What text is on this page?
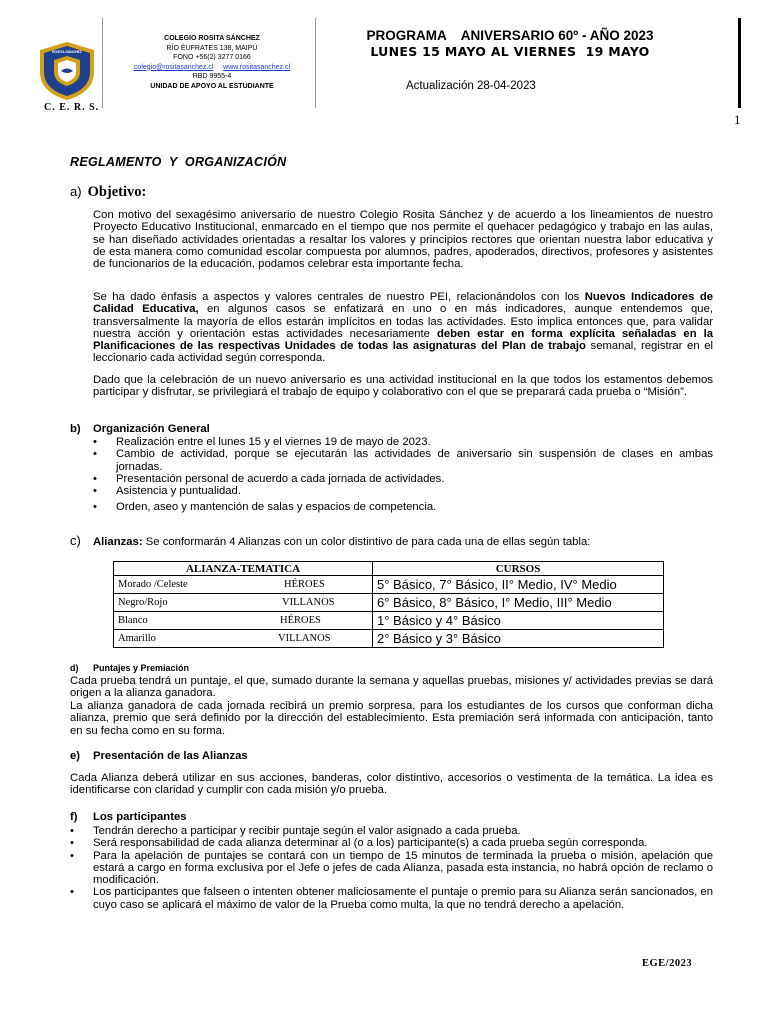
ROSITA SÁNCHEZ
C. E. R. S.
COLEGIO ROSITA SÁNCHEZ
RÍO ÉUFRATES 138, MAIPÚ
FONO +56(2) 3277 0166
colegio@rositasanchez.cl www.rositasanchez.cl
RBD 9955-4
UNIDAD DE APOYO AL ESTUDIANTE
PROGRAMA    ANIVERSARIO 60º - AÑO 2023
LUNES 15 MAYO AL VIERNES  19 MAYO
Actualización 28-04-2023
1
REGLAMENTO  Y  ORGANIZACIÓN
a) Objetivo:
Con motivo del sexagésimo aniversario de nuestro Colegio Rosita Sánchez y de acuerdo a los lineamientos de nuestro Proyecto Educativo Institucional, enmarcado en el tiempo que nos permite el quehacer pedagógico y trabajo en las aulas, se han diseñado actividades orientadas a resaltar los valores y principios rectores que orientan nuestra labor educativa y de esta manera como comunidad escolar compuesta por alumnos, padres, apoderados, directivos, profesores y asistentes de funcionarios de la educación, podamos celebrar esta importante fecha.
Se ha dado énfasis a aspectos y valores centrales de nuestro PEI, relacionándolos con los Nuevos Indicadores de Calidad Educativa, en algunos casos se enfatizará en uno o en más indicadores, aunque entendemos que, transversalmente la mayoría de ellos estarán implícitos en todas las actividades. Esto implica entonces que, para validar nuestra acción y orientación estas actividades necesariamente deben estar en forma explícita señaladas en la Planificaciones de las respectivas Unidades de todas las asignaturas del Plan de trabajo semanal, registrar en el leccionario cada actividad según corresponda.
Dado que la celebración de un nuevo aniversario es una actividad institucional en la que todos los estamentos debemos participar y disfrutar, se privilegiará el trabajo de equipo y colaborativo con el que se preparará cada prueba o “Misión”.
b) Organización General
• Realización entre el lunes 15 y el viernes 19 de mayo de 2023.
• Cambio de actividad, porque se ejecutarán las actividades de aniversario sin suspensión de clases en ambas jornadas.
• Presentación personal de acuerdo a cada jornada de actividades.
• Asistencia y puntualidad.
• Orden, aseo y mantención de salas y espacios de competencia.
c) Alianzas: Se conformarán 4 Alianzas con un color distintivo de para cada una de ellas según tabla:
ALIANZA-TEMATICA	CURSOS
Morado /Celeste HÉROES	5° Básico, 7° Básico, II° Medio, IV° Medio
Negro/Rojo VILLANOS	6° Básico, 8° Básico, I° Medio, III° Medio
Blanco HÉROES	1° Básico y 4° Básico
Amarillo VILLANOS	2° Básico y 3° Básico
d) Puntajes y Premiación
Cada prueba tendrá un puntaje, el que, sumado durante la semana y aquellas pruebas, misiones y/ actividades previas se dará origen a la alianza ganadora.
La alianza ganadora de cada jornada recibirá un premio sorpresa, para los estudiantes de los cursos que conforman dicha alianza, premio que será definido por la dirección del establecimiento. Esta premiación será informada con anticipación, tanto en su fecha como en su forma.
e) Presentación de las Alianzas
Cada Alianza deberá utilizar en sus acciones, banderas, color distintivo, accesorios o vestimenta de la temática. La idea es identificarse con claridad y cumplir con cada misión y/o prueba.
f) Los participantes
• Tendrán derecho a participar y recibir puntaje según el valor asignado a cada prueba.
• Será responsabilidad de cada alianza determinar al (o a los) participante(s) a cada prueba según corresponda.
• Para la apelación de puntajes se contará con un tiempo de 15 minutos de terminada la prueba o misión, apelación que estará a cargo en forma exclusiva por el Jefe o jefes de cada Alianza, pasada esta instancia, no habrá opción de reclamo o modificación.
• Los participantes que falseen o intenten obtener maliciosamente el puntaje o premio para su Alianza serán sancionados, en cuyo caso se aplicará el máximo de valor de la Prueba como multa, la que no tendrá derecho a apelación.
EGE/2023
